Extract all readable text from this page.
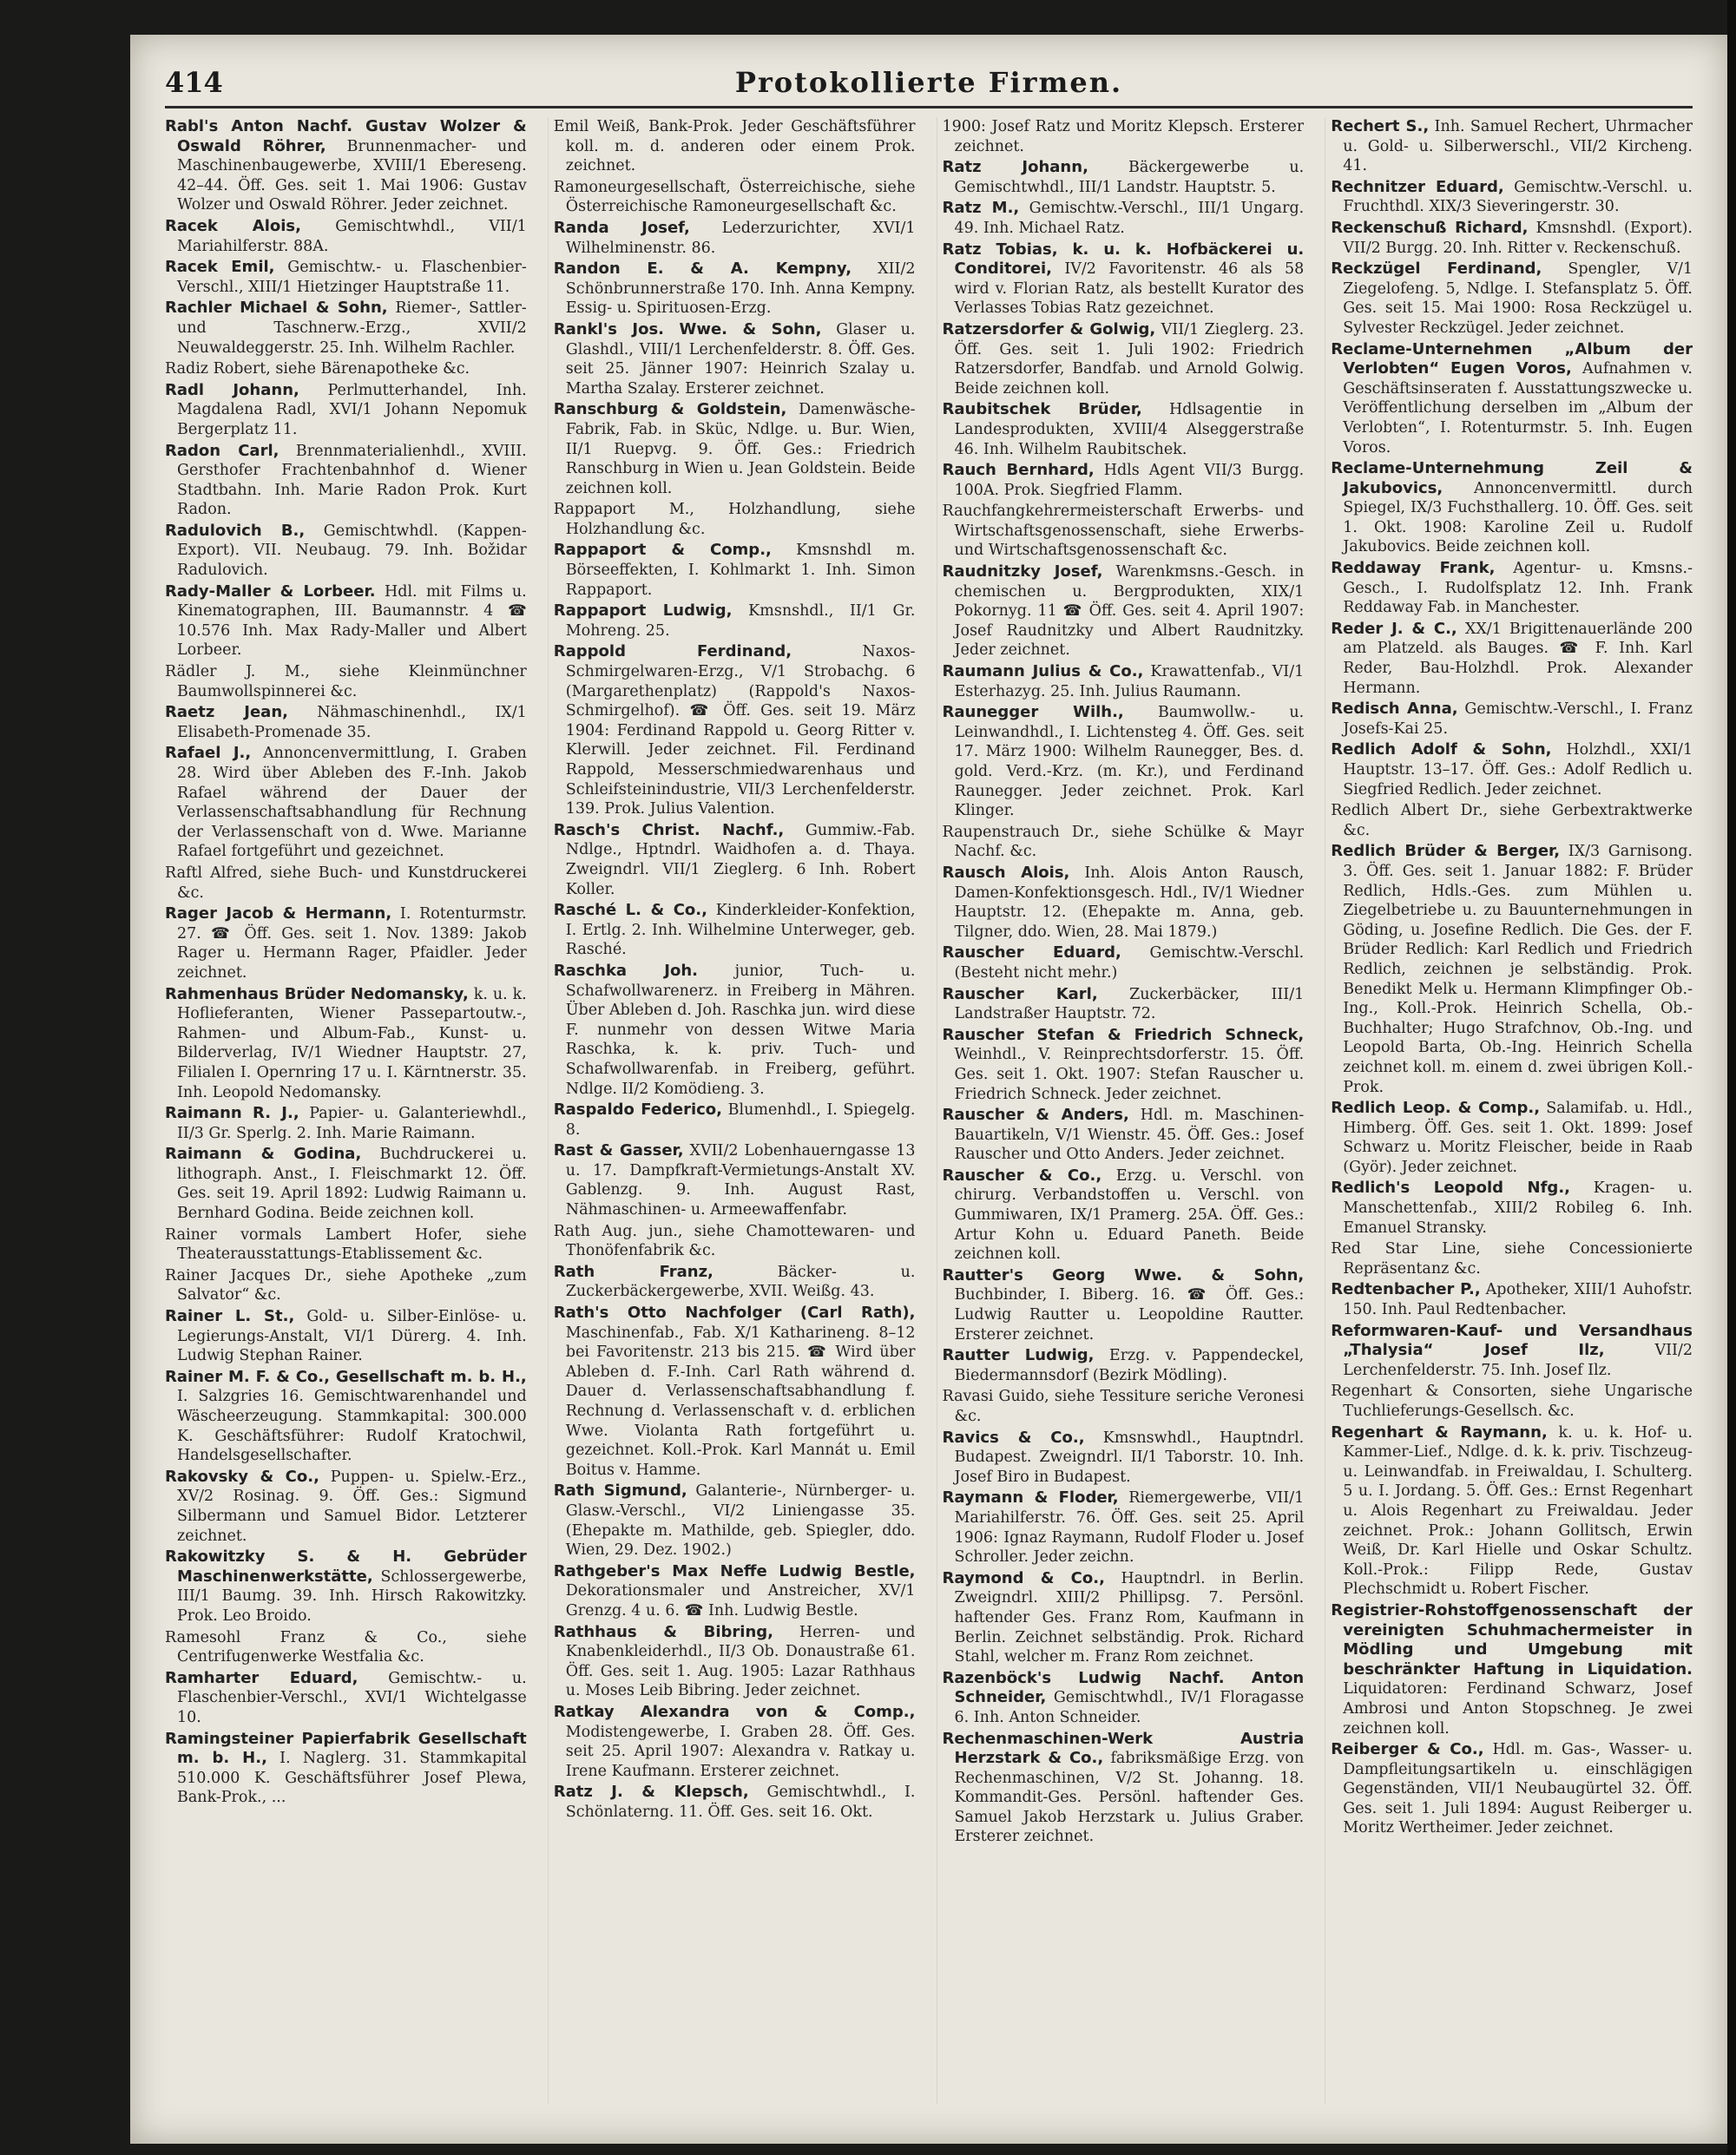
414	Protokollierte Firmen.

Rabl's Anton Nachf. Gustav Wolzer & Oswald Röhrer, Brunnenmacher- und Maschinenbaugewerbe, XVIII/1 Ebereseng. 42–44. Öff. Ges. seit 1. Mai 1906: Gustav Wolzer und Oswald Röhrer. Jeder zeichnet.

Racek Alois, Gemischtwhdl., VII/1 Mariahilferstr. 88A.

Racek Emil, Gemischtw.- u. Flaschenbier-Verschl., XIII/1 Hietzinger Hauptstraße 11.

Rachler Michael & Sohn, Riemer-, Sattler- und Taschnerw.-Erzg., XVII/2 Neuwaldeggerstr. 25. Inh. Wilhelm Rachler.

Radiz Robert, siehe Bärenapotheke &c.

Radl Johann, Perlmutterhandel, Inh. Magdalena Radl, XVI/1 Johann Nepomuk Bergerplatz 11.

Radon Carl, Brennmaterialienhdl., XVIII. Gersthofer Frachtenbahnhof d. Wiener Stadtbahn. Inh. Marie Radon Prok. Kurt Radon.

Radulovich B., Gemischtwhdl. (Kappen-Export). VII. Neubaug. 79. Inh. Božidar Radulovich.

Rady-Maller & Lorbeer. Hdl. mit Films u. Kinematographen, III. Baumannstr. 4 ☎ 10.576 Inh. Max Rady-Maller und Albert Lorbeer.

Rädler J. M., siehe Kleinmünchner Baumwollspinnerei &c.

Raetz Jean, Nähmaschinenhdl., IX/1 Elisabeth-Promenade 35.

Rafael J., Annoncenvermittlung, I. Graben 28. Wird über Ableben des F.-Inh. Jakob Rafael während der Dauer der Verlassenschaftsabhandlung für Rechnung der Verlassenschaft von d. Wwe. Marianne Rafael fortgeführt und gezeichnet.

Raftl Alfred, siehe Buch- und Kunstdruckerei &c.

Rager Jacob & Hermann, I. Rotenturmstr. 27. ☎ Öff. Ges. seit 1. Nov. 1389: Jakob Rager u. Hermann Rager, Pfaidler. Jeder zeichnet.

Rahmenhaus Brüder Nedomansky, k. u. k. Hoflieferanten, Wiener Passepartoutw.-, Rahmen- und Album-Fab., Kunst- u. Bilderverlag, IV/1 Wiedner Hauptstr. 27, Filialen I. Opernring 17 u. I. Kärntnerstr. 35. Inh. Leopold Nedomansky.

Raimann R. J., Papier- u. Galanteriewhdl., II/3 Gr. Sperlg. 2. Inh. Marie Raimann.

Raimann & Godina, Buchdruckerei u. lithograph. Anst., I. Fleischmarkt 12. Öff. Ges. seit 19. April 1892: Ludwig Raimann u. Bernhard Godina. Beide zeichnen koll.

Rainer vormals Lambert Hofer, siehe Theaterausstattungs-Etablissement &c.

Rainer Jacques Dr., siehe Apotheke „zum Salvator“ &c.

Rainer L. St., Gold- u. Silber-Einlöse- u. Legierungs-Anstalt, VI/1 Dürerg. 4. Inh. Ludwig Stephan Rainer.

Rainer M. F. & Co., Gesellschaft m. b. H., I. Salzgries 16. Gemischtwarenhandel und Wäscheerzeugung. Stammkapital: 300.000 K. Geschäftsführer: Rudolf Kratochwil, Handelsgesellschafter.

Rakovsky & Co., Puppen- u. Spielw.-Erz., XV/2 Rosinag. 9. Öff. Ges.: Sigmund Silbermann und Samuel Bidor. Letzterer zeichnet.

Rakowitzky S. & H. Gebrüder Maschinenwerkstätte, Schlossergewerbe, III/1 Baumg. 39. Inh. Hirsch Rakowitzky. Prok. Leo Broido.

Ramesohl Franz & Co., siehe Centrifugenwerke Westfalia &c.

Ramharter Eduard, Gemischtw.- u. Flaschenbier-Verschl., XVI/1 Wichtelgasse 10.

Ramingsteiner Papierfabrik Gesellschaft m. b. H., I. Naglerg. 31. Stammkapital 510.000 K. Geschäftsführer Josef Plewa, Bank-Prok., ...

Emil Weiß, Bank-Prok. Jeder Geschäftsführer koll. m. d. anderen oder einem Prok. zeichnet.

Ramoneurgesellschaft, Österreichische, siehe Österreichische Ramoneurgesellschaft &c.

Randa Josef, Lederzurichter, XVI/1 Wilhelminenstr. 86.

Randon E. & A. Kempny, XII/2 Schönbrunnerstraße 170. Inh. Anna Kempny. Essig- u. Spirituosen-Erzg.

Rankl's Jos. Wwe. & Sohn, Glaser u. Glashdl., VIII/1 Lerchenfelderstr. 8. Öff. Ges. seit 25. Jänner 1907: Heinrich Szalay u. Martha Szalay. Ersterer zeichnet.

Ranschburg & Goldstein, Damenwäsche-Fabrik, Fab. in Sküc, Ndlge. u. Bur. Wien, II/1 Ruepvg. 9. Öff. Ges.: Friedrich Ranschburg in Wien u. Jean Goldstein. Beide zeichnen koll.

Rappaport M., Holzhandlung, siehe Holzhandlung &c.

Rappaport & Comp., Kmsnshdl m. Börseeffekten, I. Kohlmarkt 1. Inh. Simon Rappaport.

Rappaport Ludwig, Kmsnshdl., II/1 Gr. Mohreng. 25.

Rappold Ferdinand,	Naxos-Schmirgelwaren-Erzg., V/1 Strobachg. 6 (Margarethenplatz) (Rappold's Naxos-Schmirgelhof). ☎ Öff. Ges. seit 19. März 1904: Ferdinand Rappold u. Georg Ritter v. Klerwill. Jeder zeichnet. Fil. Ferdinand Rappold, Messerschmiedwarenhaus und Schleifsteinindustrie, VII/3 Lerchenfelderstr. 139. Prok. Julius Valention.

Rasch's Christ. Nachf., Gummiw.-Fab. Ndlge., Hptndrl. Waidhofen a. d. Thaya. Zweigndrl. VII/1 Zieglerg. 6 Inh. Robert Koller.

Rasché L. & Co., Kinderkleider-Konfektion, I. Ertlg. 2. Inh. Wilhelmine Unterweger, geb. Rasché.

Raschka Joh. junior, Tuch- u. Schafwollwarenerz. in Freiberg in Mähren. Über Ableben d. Joh. Raschka jun. wird diese F. nunmehr von dessen Witwe Maria Raschka, k. k. priv. Tuch- und Schafwollwarenfab. in Freiberg, geführt. Ndlge. II/2 Komödieng. 3.

Raspaldo Federico, Blumenhdl., I. Spiegelg. 8.

Rast & Gasser, XVII/2 Lobenhauerngasse 13 u. 17. Dampfkraft-Vermietungs-Anstalt XV. Gablenzg. 9. Inh. August Rast, Nähmaschinen- u. Armeewaffenfabr.

Rath Aug. jun., siehe Chamottewaren- und Thonöfenfabrik &c.

Rath Franz,	Bäcker- u. Zuckerbäckergewerbe, XVII. Weißg. 43.

Rath's Otto Nachfolger (Carl Rath), Maschinenfab., Fab. X/1 Katharineng. 8–12 bei Favoritenstr. 213 bis 215. ☎ Wird über Ableben d. F.-Inh. Carl Rath während d. Dauer d. Verlassenschaftsabhandlung f. Rechnung d. Verlassenschaft v. d. erblichen Wwe. Violanta Rath fortgeführt u. gezeichnet. Koll.-Prok. Karl Mannát u. Emil Boitus v. Hamme.

Rath Sigmund, Galanterie-, Nürnberger- u. Glasw.-Verschl., VI/2 Liniengasse 35. (Ehepakte m. Mathilde, geb. Spiegler, ddo. Wien, 29. Dez. 1902.)

Rathgeber's Max Neffe Ludwig Bestle, Dekorationsmaler und Anstreicher, XV/1 Grenzg. 4 u. 6. ☎ Inh. Ludwig Bestle.

Rathhaus & Bibring, Herren- und Knabenkleiderhdl., II/3 Ob. Donaustraße 61. Öff. Ges. seit 1. Aug. 1905: Lazar Rathhaus u. Moses Leib Bibring. Jeder zeichnet.

Ratkay Alexandra von & Comp., Modistengewerbe, I. Graben 28. Öff. Ges. seit 25. April 1907: Alexandra v. Ratkay u. Irene Kaufmann. Ersterer zeichnet.

Ratz J. & Klepsch, Gemischtwhdl., I. Schönlaterng. 11. Öff. Ges. seit 16. Okt.

1900: Josef Ratz und Moritz Klepsch. Ersterer zeichnet.

Ratz Johann,	Bäckergewerbe u. Gemischtwhdl., III/1 Landstr. Hauptstr. 5.

Ratz M., Gemischtw.-Verschl., III/1 Ungarg. 49. Inh. Michael Ratz.

Ratz Tobias, k. u. k. Hofbäckerei u. Conditorei, IV/2 Favoritenstr. 46 als 58 wird v. Florian Ratz, als bestellt Kurator des Verlasses Tobias Ratz gezeichnet.

Ratzersdorfer & Golwig, VII/1 Zieglerg. 23. Öff. Ges. seit 1. Juli 1902: Friedrich Ratzersdorfer, Bandfab. und Arnold Golwig. Beide zeichnen koll.

Raubitschek Brüder, Hdlsagentie in Landesprodukten, XVIII/4 Alseggerstraße 46. Inh. Wilhelm Raubitschek.

Rauch Bernhard, Hdls Agent VII/3 Burgg. 100A. Prok. Siegfried Flamm.

Rauchfangkehrermeisterschaft Erwerbs- und Wirtschaftsgenossenschaft, siehe Erwerbs- und Wirtschaftsgenossenschaft &c.

Raudnitzky Josef, Warenkmsns.-Gesch. in chemischen u. Bergprodukten, XIX/1 Pokornyg. 11 ☎ Öff. Ges. seit 4. April 1907: Josef Raudnitzky und Albert Raudnitzky. Jeder zeichnet.

Raumann Julius & Co., Krawattenfab., VI/1 Esterhazyg. 25. Inh. Julius Raumann.

Raunegger Wilh., Baumwollw.- u. Leinwandhdl., I. Lichtensteg 4. Öff. Ges. seit 17. März 1900: Wilhelm Raunegger, Bes. d. gold. Verd.-Krz. (m. Kr.), und Ferdinand Raunegger. Jeder zeichnet. Prok. Karl Klinger.

Raupenstrauch Dr., siehe Schülke & Mayr Nachf. &c.

Rausch Alois, Inh. Alois Anton Rausch, Damen-Konfektionsgesch. Hdl., IV/1 Wiedner Hauptstr. 12. (Ehepakte m. Anna, geb. Tilgner, ddo. Wien, 28. Mai 1879.)

Rauscher Eduard, Gemischtw.-Verschl. (Besteht nicht mehr.)

Rauscher Karl, Zuckerbäcker, III/1 Landstraßer Hauptstr. 72.

Rauscher Stefan & Friedrich Schneck, Weinhdl., V. Reinprechtsdorferstr. 15. Öff. Ges. seit 1. Okt. 1907: Stefan Rauscher u. Friedrich Schneck. Jeder zeichnet.

Rauscher & Anders, Hdl. m. Maschinen-Bauartikeln, V/1 Wienstr. 45. Öff. Ges.: Josef Rauscher und Otto Anders. Jeder zeichnet.

Rauscher & Co., Erzg. u. Verschl. von chirurg. Verbandstoffen u. Verschl. von Gummiwaren, IX/1 Pramerg. 25A. Öff. Ges.: Artur Kohn u. Eduard Paneth. Beide zeichnen koll.

Rautter's Georg Wwe. & Sohn, Buchbinder, I. Biberg. 16. ☎ Öff. Ges.: Ludwig Rautter u. Leopoldine Rautter. Ersterer zeichnet.

Rautter Ludwig, Erzg. v. Pappendeckel, Biedermannsdorf (Bezirk Mödling).

Ravasi Guido, siehe Tessiture seriche Veronesi &c.

Ravics & Co., Kmsnswhdl., Hauptndrl. Budapest. Zweigndrl. II/1 Taborstr. 10. Inh. Josef Biro in Budapest.

Raymann & Floder, Riemergewerbe, VII/1 Mariahilferstr. 76. Öff. Ges. seit 25. April 1906: Ignaz Raymann, Rudolf Floder u. Josef Schroller. Jeder zeichn.

Raymond & Co., Hauptndrl. in Berlin. Zweigndrl. XIII/2 Phillipsg. 7. Persönl. haftender Ges. Franz Rom, Kaufmann in Berlin. Zeichnet selbständig. Prok. Richard Stahl, welcher m. Franz Rom zeichnet.

Razenböck's Ludwig Nachf. Anton Schneider, Gemischtwhdl., IV/1 Floragasse 6. Inh. Anton Schneider.

Rechenmaschinen-Werk Austria Herzstark & Co., fabriksmäßige Erzg. von Rechenmaschinen, V/2 St. Johanng. 18. Kommandit-Ges. Persönl. haftender Ges. Samuel Jakob Herzstark u. Julius Graber. Ersterer zeichnet.

Rechert S., Inh. Samuel Rechert, Uhrmacher u. Gold- u. Silberwerschl., VII/2 Kircheng. 41.

Rechnitzer Eduard, Gemischtw.-Verschl. u. Fruchthdl. XIX/3 Sieveringerstr. 30.

Reckenschuß Richard, Kmsnshdl. (Export). VII/2 Burgg. 20. Inh. Ritter v. Reckenschuß.

Reckzügel Ferdinand, Spengler, V/1 Ziegelofeng. 5, Ndlge. I. Stefansplatz 5. Öff. Ges. seit 15. Mai 1900: Rosa Reckzügel u. Sylvester Reckzügel. Jeder zeichnet.

Reclame-Unternehmen „Album der Verlobten“ Eugen Voros, Aufnahmen v. Geschäftsinseraten f. Ausstattungszwecke u. Veröffentlichung derselben im „Album der Verlobten“, I. Rotenturmstr. 5. Inh. Eugen Voros.

Reclame-Unternehmung Zeil & Jakubovics, Annoncenvermittl. durch Spiegel, IX/3 Fuchsthallerg. 10. Öff. Ges. seit 1. Okt. 1908: Karoline Zeil u. Rudolf Jakubovics. Beide zeichnen koll.

Reddaway Frank, Agentur- u. Kmsns.-Gesch., I. Rudolfsplatz 12. Inh. Frank Reddaway Fab. in Manchester.

Reder J. & C., XX/1 Brigittenauerlände 200 am Platzeld. als Bauges. ☎ F. Inh. Karl Reder, Bau-Holzhdl. Prok. Alexander Hermann.

Redisch Anna, Gemischtw.-Verschl., I. Franz Josefs-Kai 25.

Redlich Adolf & Sohn, Holzhdl., XXI/1 Hauptstr. 13–17. Öff. Ges.: Adolf Redlich u. Siegfried Redlich. Jeder zeichnet.

Redlich Albert Dr., siehe Gerbextraktwerke &c.

Redlich Brüder & Berger, IX/3 Garnisong. 3. Öff. Ges. seit 1. Januar 1882: F. Brüder Redlich, Hdls.-Ges. zum Mühlen u. Ziegelbetriebe u. zu Bauunternehmungen in Göding, u. Josefine Redlich. Die Ges. der F. Brüder Redlich: Karl Redlich und Friedrich Redlich, zeichnen je selbständig. Prok. Benedikt Melk u. Hermann Klimpfinger Ob.-Ing., Koll.-Prok. Heinrich Schella, Ob.-Buchhalter; Hugo Strafchnov, Ob.-Ing. und Leopold Barta, Ob.-Ing. Heinrich Schella zeichnet koll. m. einem d. zwei übrigen Koll.-Prok.

Redlich Leop. & Comp., Salamifab. u. Hdl., Himberg. Öff. Ges. seit 1. Okt. 1899: Josef Schwarz u. Moritz Fleischer, beide in Raab (Györ). Jeder zeichnet.

Redlich's Leopold Nfg., Kragen- u. Manschettenfab., XIII/2 Robileg 6. Inh. Emanuel Stransky.

Red Star Line, siehe Concessionierte Repräsentanz &c.

Redtenbacher P., Apotheker, XIII/1 Auhofstr. 150. Inh. Paul Redtenbacher.

Reformwaren-Kauf- und Versandhaus „Thalysia“ Josef Ilz,	VII/2 Lerchenfelderstr. 75. Inh. Josef Ilz.

Regenhart & Consorten, siehe Ungarische Tuchlieferungs-Gesellsch. &c.

Regenhart & Raymann, k. u. k. Hof- u. Kammer-Lief., Ndlge. d. k. k. priv. Tischzeug- u. Leinwandfab. in Freiwaldau, I. Schulterg. 5 u. I. Jordang. 5. Öff. Ges.: Ernst Regenhart u. Alois Regenhart zu Freiwaldau. Jeder zeichnet. Prok.: Johann Gollitsch, Erwin Weiß, Dr. Karl Hielle und Oskar Schultz. Koll.-Prok.: Filipp Rede, Gustav Plechschmidt u. Robert Fischer.

Registrier-Rohstoffgenossenschaft der vereinigten Schuhmachermeister in Mödling und Umgebung mit beschränkter Haftung in Liquidation. Liquidatoren: Ferdinand Schwarz, Josef Ambrosi und Anton Stopschneg. Je zwei zeichnen koll.

Reiberger & Co., Hdl. m. Gas-, Wasser- u. Dampfleitungsartikeln u. einschlägigen Gegenständen, VII/1 Neubaugürtel 32. Öff. Ges. seit 1. Juli 1894: August Reiberger u. Moritz Wertheimer. Jeder zeichnet.
